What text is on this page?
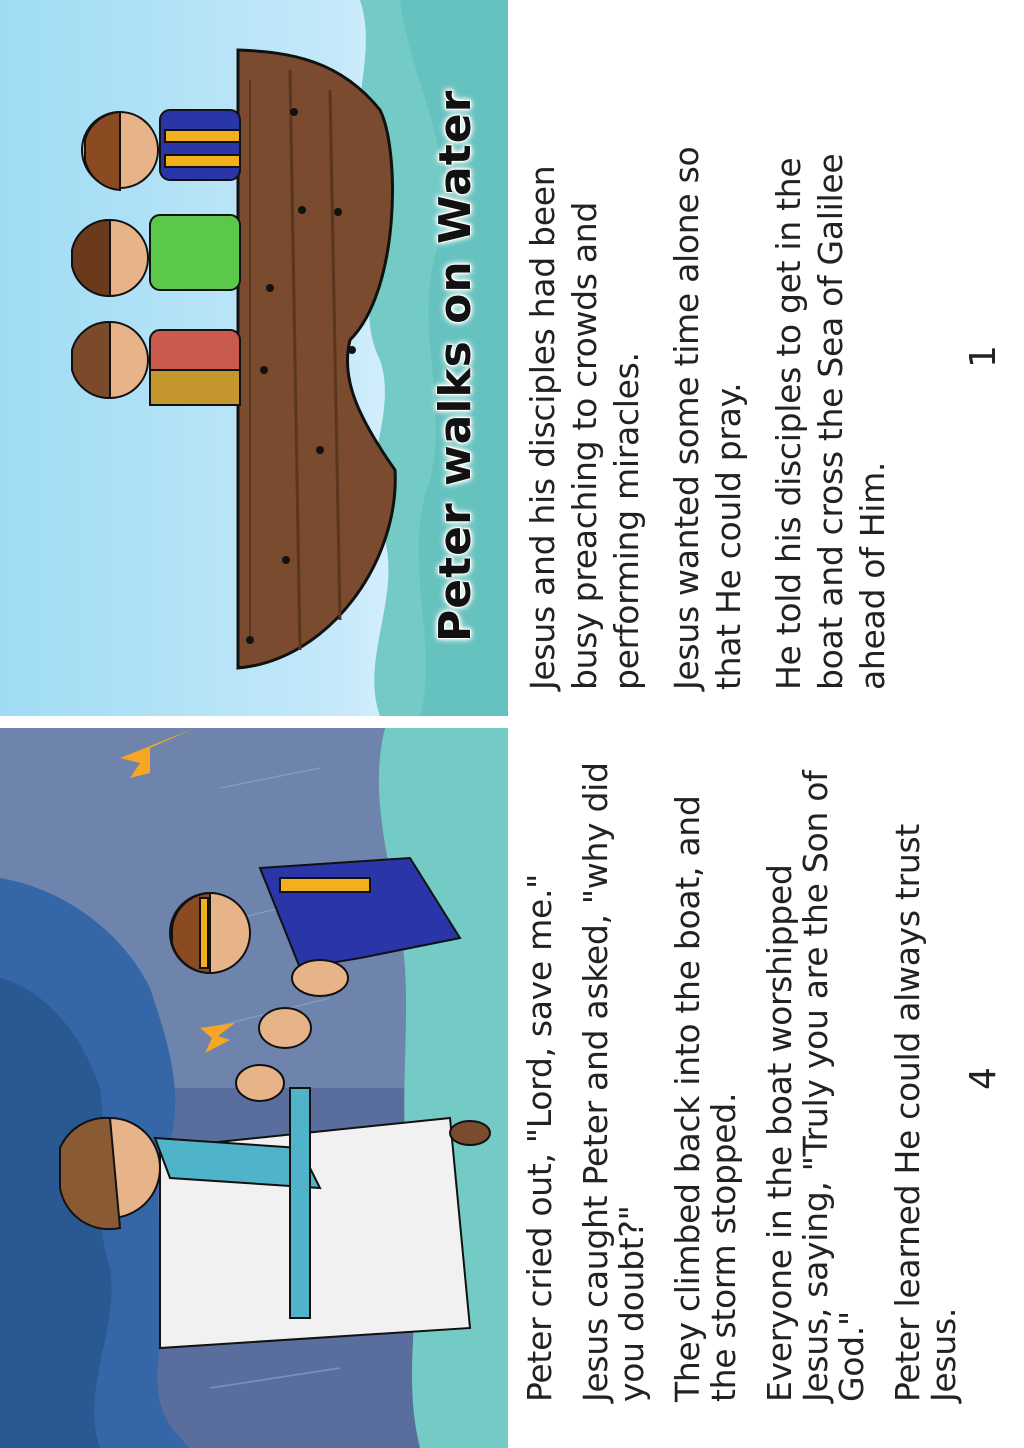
Peter walks on Water Jesus and his disciples had been busy preaching to crowds and performing miracles. Jesus wanted some time alone so that He could pray. He told his disciples to get in the boat and cross the Sea of Galilee ahead of Him.

1

Peter cried out, "Lord, save me." Jesus caught Peter and asked, "why did you doubt?" They climbed back into the boat, and the storm stopped. Everyone in the boat worshipped Jesus, saying, "Truly you are the Son of God." Peter learned He could always trust Jesus.

4
